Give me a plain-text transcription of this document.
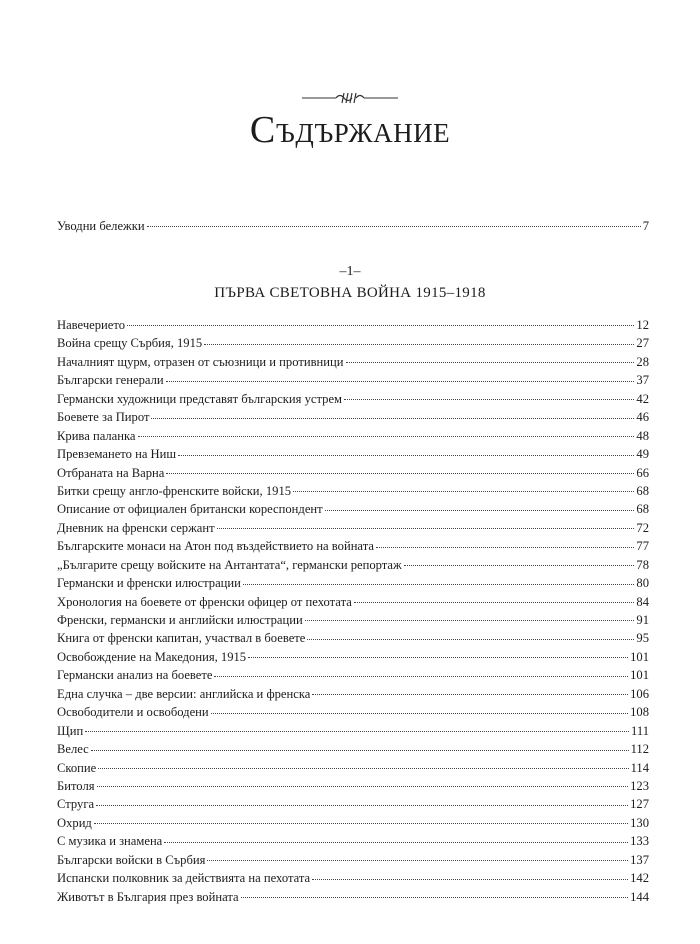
Съдържание
Уводни бележки	7
–1–
ПЪРВА СВЕТОВНА ВОЙНА 1915–1918
Навечерието	12
Война срещу Сърбия, 1915	27
Началният щурм, отразен от съюзници и противници	28
Български генерали	37
Германски художници представят българския устрем	42
Боевете за Пирот	46
Крива паланка	48
Превземането на Ниш	49
Отбраната на Варна	66
Битки срещу англо-френските войски, 1915	68
Описание от официален британски кореспондент	68
Дневник на френски сержант	72
Българските монаси на Атон под въздействието на войната	77
„Българите срещу войските на Антантата“, германски репортаж	78
Германски и френски илюстрации	80
Хронология на боевете от френски офицер от пехотата	84
Френски, германски и английски илюстрации	91
Книга от френски капитан, участвал в боевете	95
Освобождение на Македония, 1915	101
Германски анализ на боевете	101
Една случка – две версии: английска и френска	106
Освободители и освободени	108
Щип	111
Велес	112
Скопие	114
Битоля	123
Струга	127
Охрид	130
С музика и знамена	133
Български войски в Сърбия	137
Испански полковник за действията на пехотата	142
Животът в България през войната	144
